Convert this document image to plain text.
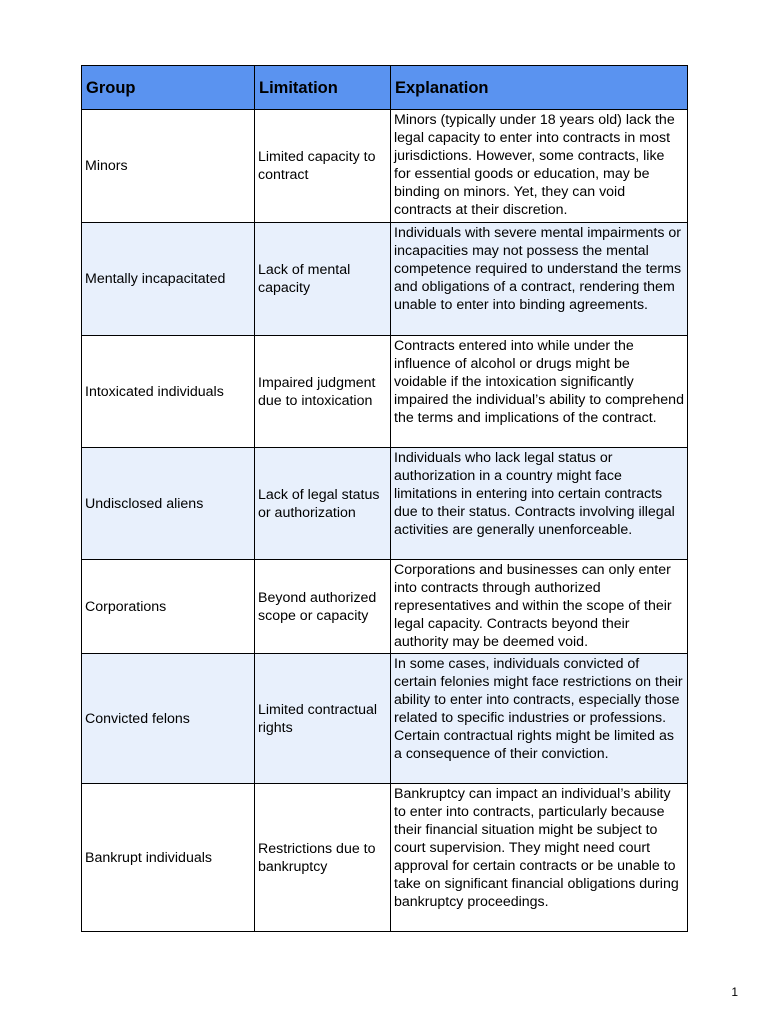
Group	Limitation	Explanation
Minors	Limited capacity to contract	Minors (typically under 18 years old) lack the legal capacity to enter into contracts in most jurisdictions. However, some contracts, like for essential goods or education, may be binding on minors. Yet, they can void contracts at their discretion.
Mentally incapacitated	Lack of mental capacity	Individuals with severe mental impairments or incapacities may not possess the mental competence required to understand the terms and obligations of a contract, rendering them unable to enter into binding agreements.
Intoxicated individuals	Impaired judgment due to intoxication	Contracts entered into while under the influence of alcohol or drugs might be voidable if the intoxication significantly impaired the individual’s ability to comprehend the terms and implications of the contract.
Undisclosed aliens	Lack of legal status or authorization	Individuals who lack legal status or authorization in a country might face limitations in entering into certain contracts due to their status. Contracts involving illegal activities are generally unenforceable.
Corporations	Beyond authorized scope or capacity	Corporations and businesses can only enter into contracts through authorized representatives and within the scope of their legal capacity. Contracts beyond their authority may be deemed void.
Convicted felons	Limited contractual rights	In some cases, individuals convicted of certain felonies might face restrictions on their ability to enter into contracts, especially those related to specific industries or professions. Certain contractual rights might be limited as a consequence of their conviction.
Bankrupt individuals	Restrictions due to bankruptcy	Bankruptcy can impact an individual’s ability to enter into contracts, particularly because their financial situation might be subject to court supervision. They might need court approval for certain contracts or be unable to take on significant financial obligations during bankruptcy proceedings.
1
